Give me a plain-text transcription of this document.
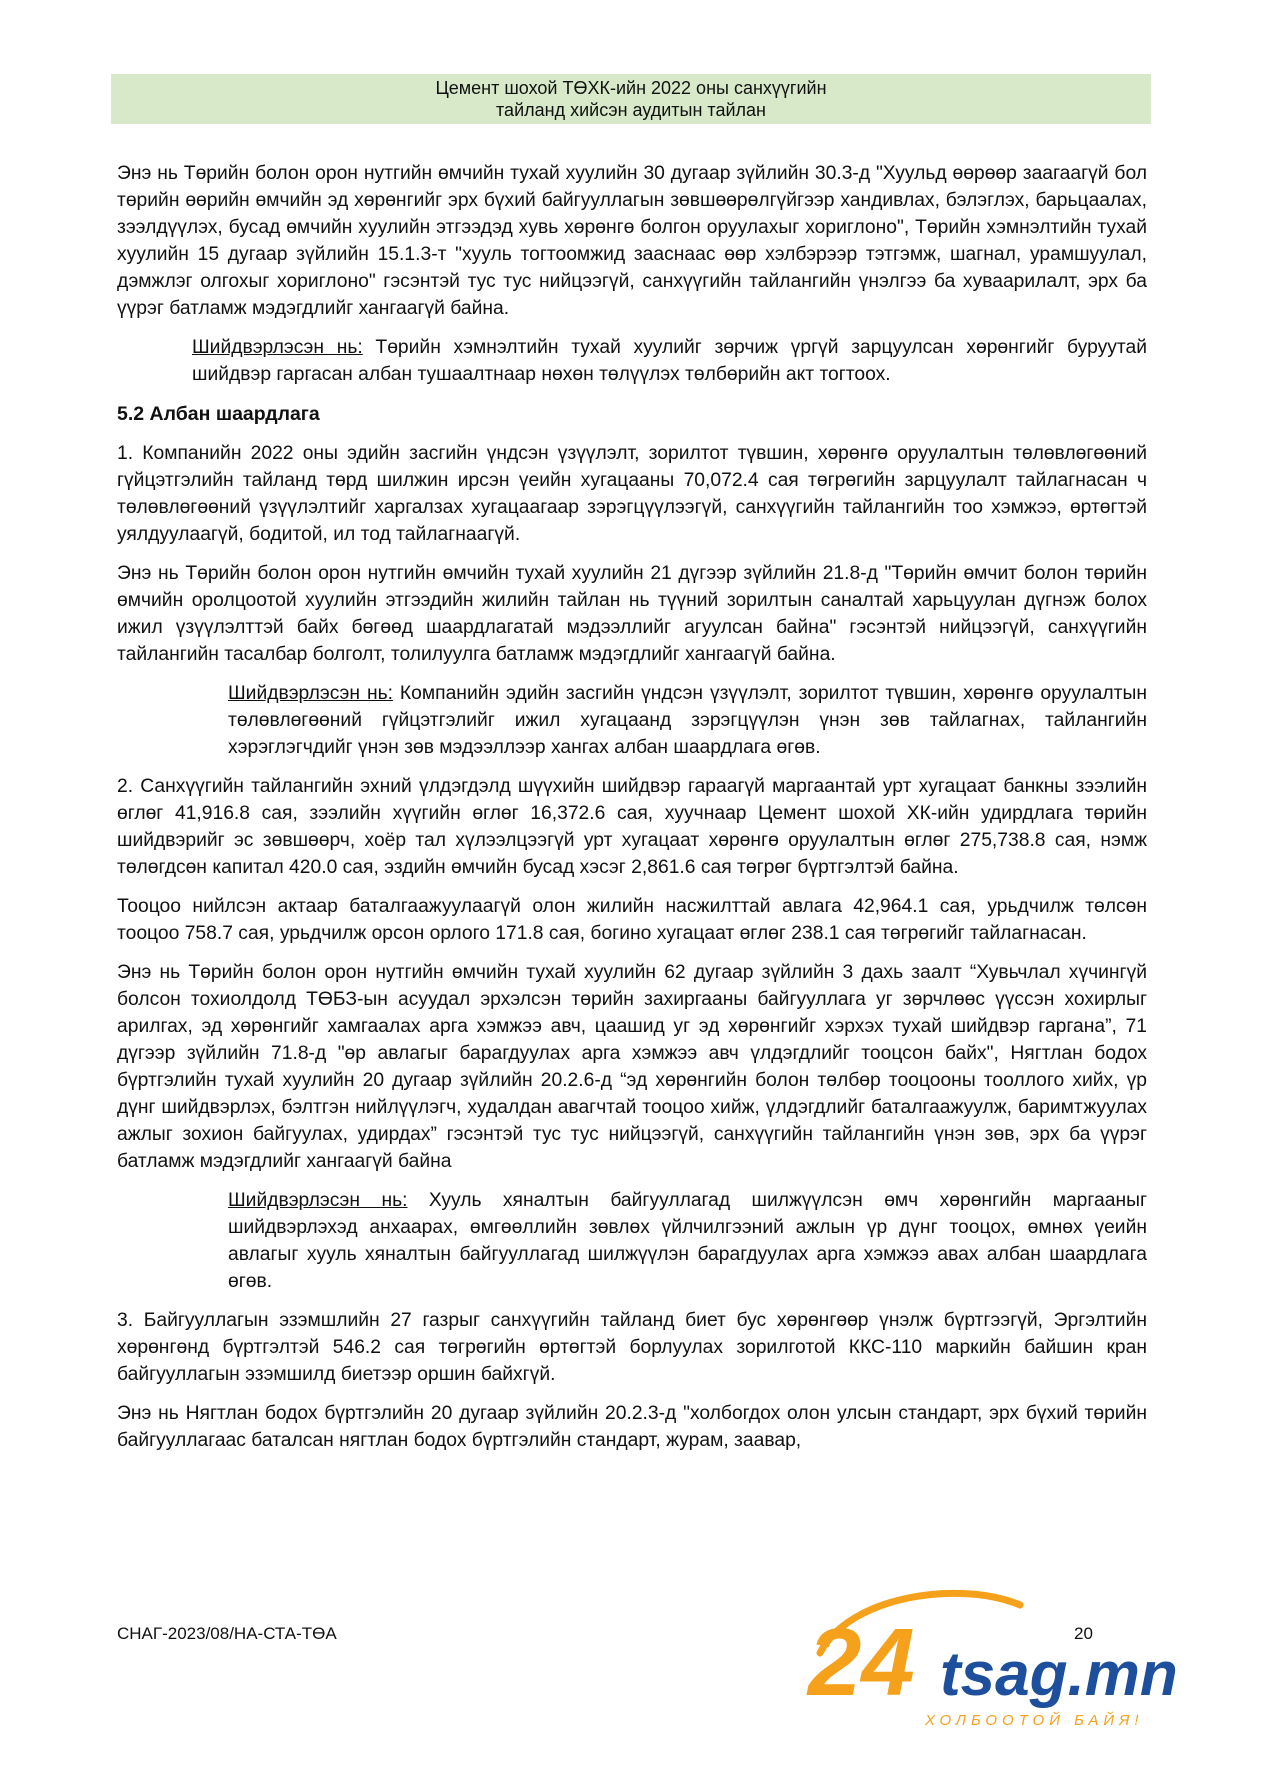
Цемент шохой ТӨХК-ийн 2022 оны санхүүгийн
тайланд хийсэн аудитын тайлан

Энэ нь Төрийн болон орон нутгийн өмчийн тухай хуулийн 30 дугаар зүйлийн 30.3-д "Хуульд өөрөөр заагаагүй бол төрийн өөрийн өмчийн эд хөрөнгийг эрх бүхий байгууллагын зөвшөөрөлгүйгээр хандивлах, бэлэглэх, барьцаалах, зээлдүүлэх, бусад өмчийн хуулийн этгээдэд хувь хөрөнгө болгон оруулахыг хориглоно", Төрийн хэмнэлтийн тухай хуулийн 15 дугаар зүйлийн 15.1.3-т "хууль тогтоомжид зааснаас өөр хэлбэрээр тэтгэмж, шагнал, урамшуулал, дэмжлэг олгохыг хориглоно" гэсэнтэй тус тус нийцээгүй, санхүүгийн тайлангийн үнэлгээ ба хуваарилалт, эрх ба үүрэг батламж мэдэгдлийг хангаагүй байна.

Шийдвэрлэсэн нь: Төрийн хэмнэлтийн тухай хуулийг зөрчиж үргүй зарцуулсан хөрөнгийг буруутай шийдвэр гаргасан албан тушаалтнаар нөхөн төлүүлэх төлбөрийн акт тогтоох.

5.2 Албан шаардлага

1. Компанийн 2022 оны эдийн засгийн үндсэн үзүүлэлт, зорилтот түвшин, хөрөнгө оруулалтын төлөвлөгөөний гүйцэтгэлийн тайланд төрд шилжин ирсэн үеийн хугацааны 70,072.4 сая төгрөгийн зарцуулалт тайлагнасан ч төлөвлөгөөний үзүүлэлтийг харгалзах хугацаагаар зэрэгцүүлээгүй, санхүүгийн тайлангийн тоо хэмжээ, өртөгтэй уялдуулаагүй, бодитой, ил тод тайлагнаагүй.

Энэ нь Төрийн болон орон нутгийн өмчийн тухай хуулийн 21 дүгээр зүйлийн 21.8-д "Төрийн өмчит болон төрийн өмчийн оролцоотой хуулийн этгээдийн жилийн тайлан нь түүний зорилтын саналтай харьцуулан дүгнэж болох ижил үзүүлэлттэй байх бөгөөд шаардлагатай мэдээллийг агуулсан байна" гэсэнтэй нийцээгүй, санхүүгийн тайлангийн тасалбар болголт, толилуулга батламж мэдэгдлийг хангаагүй байна.

Шийдвэрлэсэн нь: Компанийн эдийн засгийн үндсэн үзүүлэлт, зорилтот түвшин, хөрөнгө оруулалтын төлөвлөгөөний гүйцэтгэлийг ижил хугацаанд зэрэгцүүлэн үнэн зөв тайлагнах, тайлангийн хэрэглэгчдийг үнэн зөв мэдээллээр хангах албан шаардлага өгөв.

2. Санхүүгийн тайлангийн эхний үлдэгдэлд шүүхийн шийдвэр гараагүй маргаантай урт хугацаат банкны зээлийн өглөг 41,916.8 сая, зээлийн хүүгийн өглөг 16,372.6 сая, хуучнаар Цемент шохой ХК-ийн удирдлага төрийн шийдвэрийг эс зөвшөөрч, хоёр тал хүлээлцээгүй урт хугацаат хөрөнгө оруулалтын өглөг 275,738.8 сая, нэмж төлөгдсөн капитал 420.0 сая, эздийн өмчийн бусад хэсэг 2,861.6 сая төгрөг бүртгэлтэй байна.

Тооцоо нийлсэн актаар баталгаажуулаагүй олон жилийн насжилттай авлага 42,964.1 сая, урьдчилж төлсөн тооцоо 758.7 сая, урьдчилж орсон орлого 171.8 сая, богино хугацаат өглөг 238.1 сая төгрөгийг тайлагнасан.

Энэ нь Төрийн болон орон нутгийн өмчийн тухай хуулийн 62 дугаар зүйлийн 3 дахь заалт “Хувьчлал хүчингүй болсон тохиолдолд ТӨБЗ-ын асуудал эрхэлсэн төрийн захиргааны байгууллага уг зөрчлөөс үүссэн хохирлыг арилгах, эд хөрөнгийг хамгаалах арга хэмжээ авч, цаашид уг эд хөрөнгийг хэрхэх тухай шийдвэр гаргана”, 71 дүгээр зүйлийн 71.8-д "өр авлагыг барагдуулах арга хэмжээ авч үлдэгдлийг тооцсон байх", Нягтлан бодох бүртгэлийн тухай хуулийн 20 дугаар зүйлийн 20.2.6-д “эд хөрөнгийн болон төлбөр тооцооны тооллого хийх, үр дүнг шийдвэрлэх, бэлтгэн нийлүүлэгч, худалдан авагчтай тооцоо хийж, үлдэгдлийг баталгаажуулж, баримтжуулах ажлыг зохион байгуулах, удирдах” гэсэнтэй тус тус нийцээгүй, санхүүгийн тайлангийн үнэн зөв, эрх ба үүрэг батламж мэдэгдлийг хангаагүй байна

Шийдвэрлэсэн нь: Хууль хяналтын байгууллагад шилжүүлсэн өмч хөрөнгийн маргааныг шийдвэрлэхэд анхаарах, өмгөөллийн зөвлөх үйлчилгээний ажлын үр дүнг тооцох, өмнөх үеийн авлагыг хууль хяналтын байгууллагад шилжүүлэн барагдуулах арга хэмжээ авах албан шаардлага өгөв.

3. Байгууллагын эзэмшлийн 27 газрыг санхүүгийн тайланд биет бус хөрөнгөөр үнэлж бүртгээгүй, Эргэлтийн хөрөнгөнд бүртгэлтэй 546.2 сая төгрөгийн өртөгтэй борлуулах зорилготой ККС-110 маркийн байшин кран байгууллагын эзэмшилд биетээр оршин байхгүй.

Энэ нь Нягтлан бодох бүртгэлийн 20 дугаар зүйлийн 20.2.3-д "холбогдох олон улсын стандарт, эрх бүхий төрийн байгууллагаас баталсан нягтлан бодох бүртгэлийн стандарт, журам, заавар,

СНАГ-2023/08/НА-СТА-ТӨА	20
24 tsag.mn
ХОЛБООТОЙ БАЙЯ!
